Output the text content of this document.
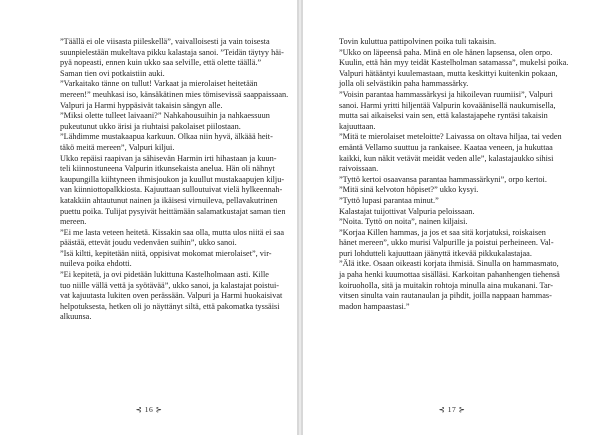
”Täällä ei ole viisasta piileskellä”, vaivalloisesti ja vain toisesta
suunpielestään mukeltava pikku kalastaja sanoi. ”Teidän täytyy häi-
pyä nopeasti, ennen kuin ukko saa selville, että olette täällä.”
Saman tien ovi potkaistiin auki.
”Varkaitako tänne on tullut! Varkaat ja mierolaiset heitetään
mereen!” meuhkasi iso, känsäkätinen mies tömisevissä saappaissaan.
Valpuri ja Harmi hyppäsivät takaisin sängyn alle.
”Miksi olette tulleet laivaani?” Nahkahousuihin ja nahkaessuun
pukeutunut ukko ärisi ja riuhtaisi pakolaiset piilostaan.
”Lähdimme mustakaapua karkuun. Olkaa niin hyvä, älkäää heit-
täkö meitä mereen”, Valpuri kiljui.
Ukko repäisi raapivan ja sähisevän Harmin irti hihastaan ja kuun-
teli kiinnostuneena Valpurin itkunsekaista anelua. Hän oli nähnyt
kaupungilla kiihtyneen ihmisjoukon ja kuullut mustakaapujen kilju-
van kiinniottopalkkiosta. Kajuuttaan sulloutuivat vielä hylkeennah-
katakkiin ahtautunut nainen ja ikäisesi virnuileva, pellavakutrinen
puettu poika. Tulijat pysyivät heittämään salamatkustajat saman tien
mereen.
”Ei me lasta veteen heitetä. Kissakin saa olla, mutta ulos niitä ei saa
päästää, ettevät joudu vedenväen suihin”, ukko sanoi.
”Isä kiltti, kepitetään niitä, oppisivat mokomat mierolaiset”, vir-
nuileva poika ehdotti.
”Ei kepitetä, ja ovi pidetään lukittuna Kastelholmaan asti. Kille
tuo niille vällä vettä ja syötävää”, ukko sanoi, ja kalastajat poistui-
vat kajuutasta lukiten oven perässään. Valpuri ja Harmi huokaisivat
helpotuksesta, hetken oli jo näyttänyt siltä, että pakomatka tyssäisi
alkuunsa.
⊰ 16 ⊱
Tovin kuluttua pattipolvinen poika tuli takaisin.
”Ukko on läpeensä paha. Minä en ole hänen lapsensa, olen orpo.
Kuulin, että hän myy teidät Kastelholman satamassa”, mukelsi poika.
Valpuri hätääntyi kuulemastaan, mutta keskittyi kuitenkin pokaan,
jolla oli selvästikin paha hammassärky.
”Voisin parantaa hammassärkysi ja hikoilevan ruumiisi”, Valpuri
sanoi. Harmi yritti hiljentää Valpurin kovaäänisellä naukumisella,
mutta sai aikaiseksi vain sen, että kalastajapehe ryntäsi takaisin
kajuuttaan.
”Mitä te mierolaiset meteloitte? Laivassa on oltava hiljaa, tai veden
emäntä Vellamo suuttuu ja rankaisee. Kaataa veneen, ja hukuttaa
kaikki, kun näkit vetävät meidät veden alle”, kalastajaukko sihisi
raivoissaan.
”Tyttö kertoi osaavansa parantaa hammassärkyni”, orpo kertoi.
”Mitä sinä kelvoton höpiset?” ukko kysyi.
”Tyttö lupasi parantaa minut.”
Kalastajat tuijottivat Valpuria peloissaan.
”Noita. Tyttö on noita”, nainen kiljaisi.
”Korjaa Killen hammas, ja jos et saa sitä korjatuksi, roiskaisen
hänet mereen”, ukko murisi Valpurille ja poistui perheineen. Val-
puri lohdutteli kajuuttaan jäänyttä itkevää pikkukalastajaa.
”Älä itke. Osaan oikeasti korjata ihmisiä. Sinulla on hammasmato,
ja paha henki kuumottaa sisälläsi. Karkoitan pahanhengen tiehensä
koiruohoIla, sitä ja muitakin rohtoja minulla aina mukanani. Tar-
vitsen sinulta vain rautanaulan ja pihdit, joilla nappaan hammas-
madon hampaastasi.”
⊰ 17 ⊱
